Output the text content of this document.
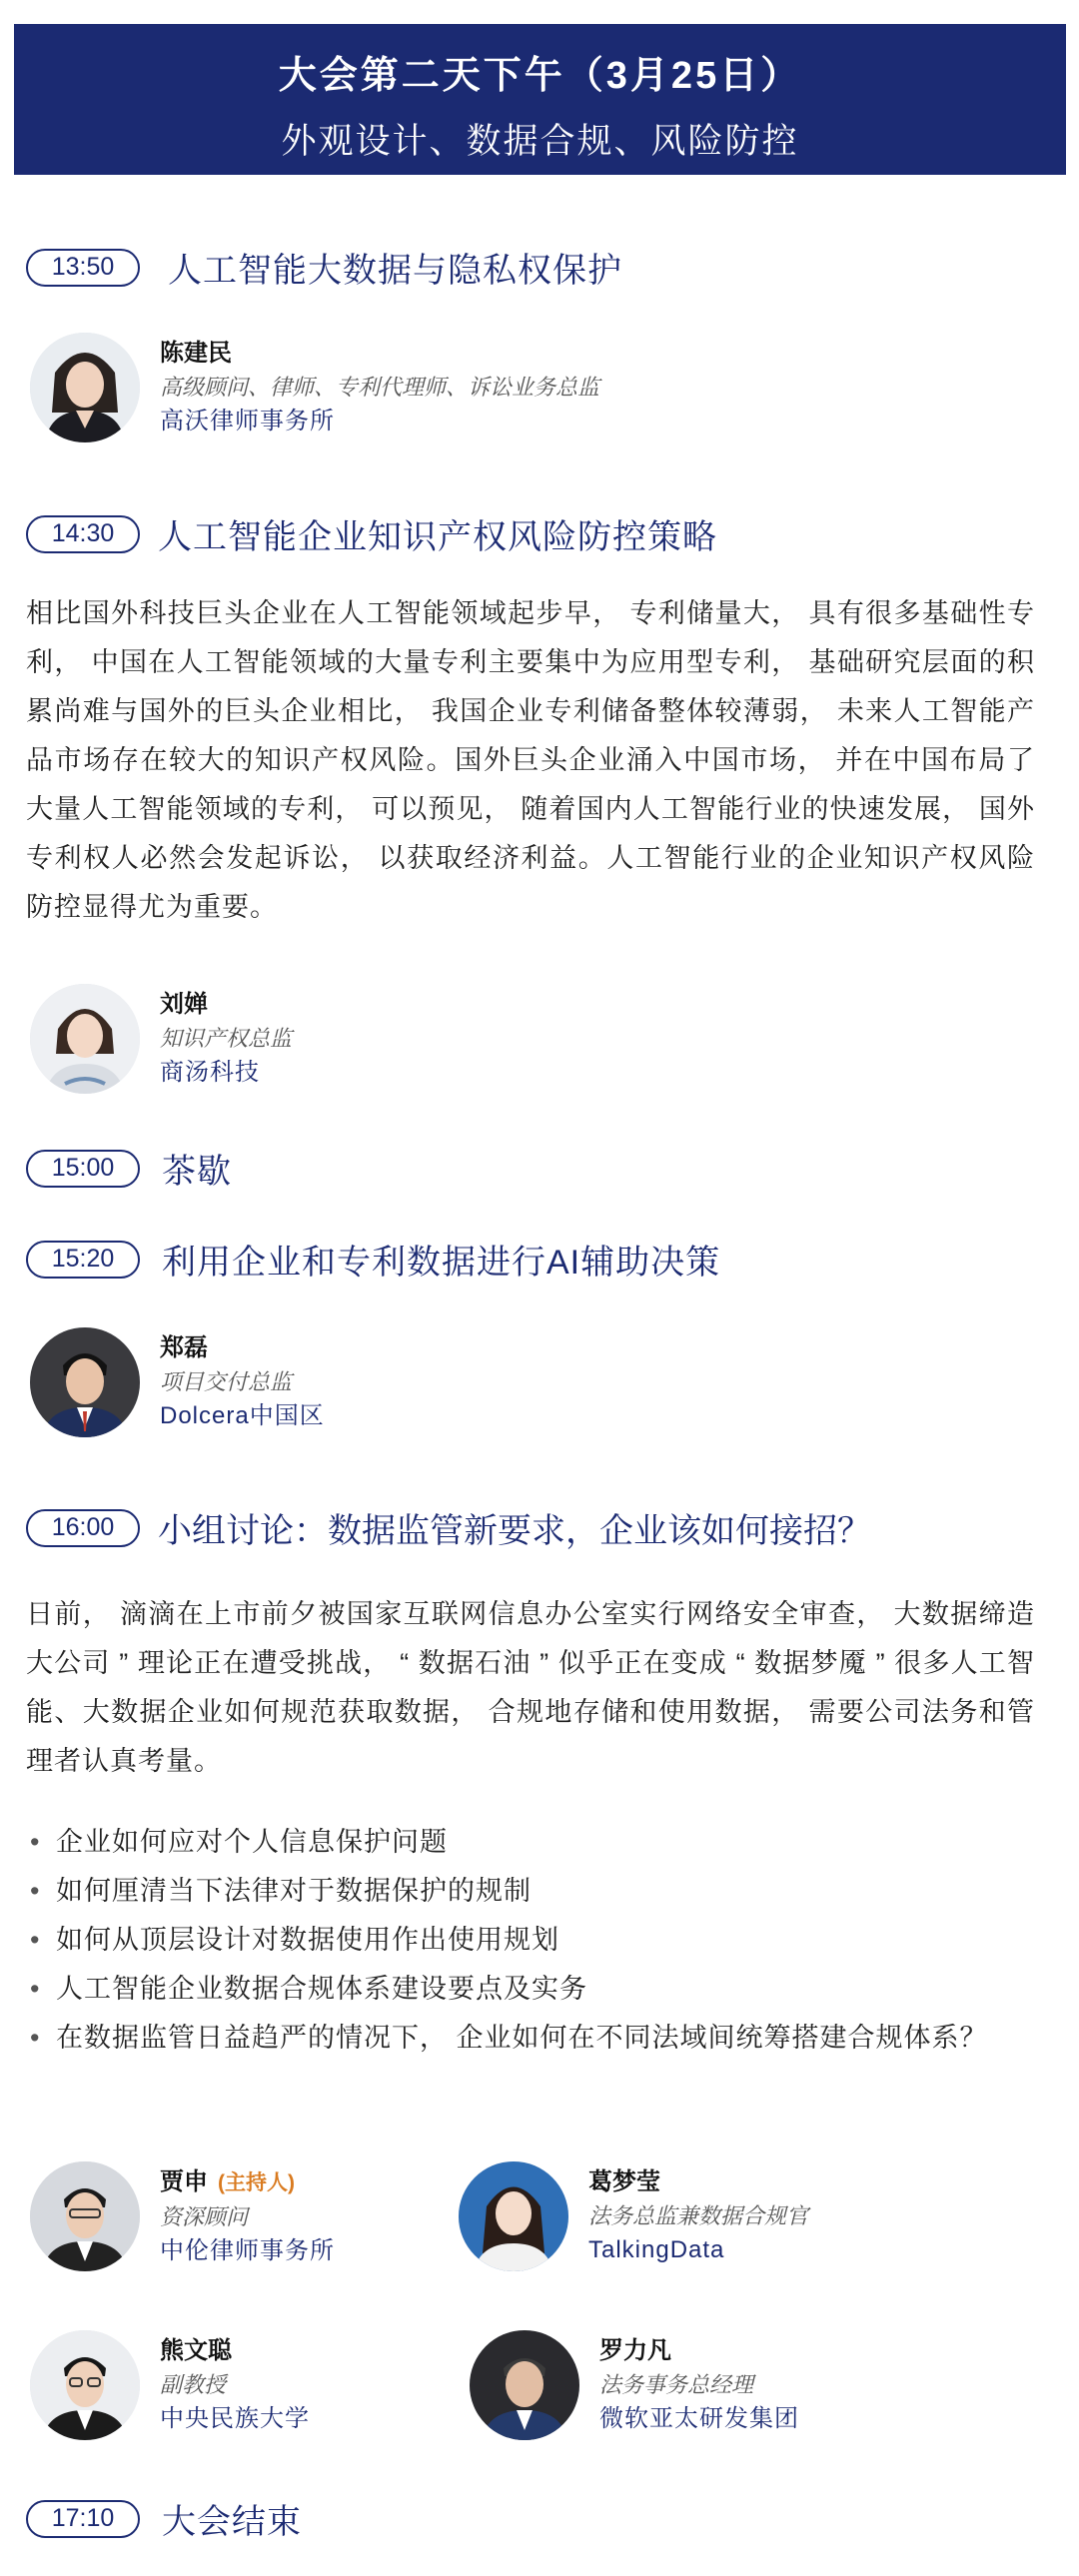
大会第二天下午（3月25日）
外观设计、数据合规、风险防控
13:50	人工智能大数据与隐私权保护
陈建民
高级顾问、律师、专利代理师、诉讼业务总监
高沃律师事务所
14:30	人工智能企业知识产权风险防控策略
相比国外科技巨头企业在人工智能领域起步早， 专利储量大， 具有很多基础性专利， 中国在人工智能领域的大量专利主要集中为应用型专利， 基础研究层面的积累尚难与国外的巨头企业相比， 我国企业专利储备整体较薄弱， 未来人工智能产品市场存在较大的知识产权风险。国外巨头企业涌入中国市场， 并在中国布局了大量人工智能领域的专利， 可以预见， 随着国内人工智能行业的快速发展， 国外专利权人必然会发起诉讼， 以获取经济利益。人工智能行业的企业知识产权风险防控显得尤为重要。
刘婵
知识产权总监
商汤科技
15:00	茶歇
15:20	利用企业和专利数据进行AI辅助决策
郑磊
项目交付总监
Dolcera中国区
16:00	小组讨论：数据监管新要求，企业该如何接招？
日前， 滴滴在上市前夕被国家互联网信息办公室实行网络安全审查， 大数据缔造大公司 ” 理论正在遭受挑战， “ 数据石油 ” 似乎正在变成 “ 数据梦魇 ” 很多人工智能、大数据企业如何规范获取数据， 合规地存储和使用数据， 需要公司法务和管理者认真考量。
• 企业如何应对个人信息保护问题
• 如何厘清当下法律对于数据保护的规制
• 如何从顶层设计对数据使用作出使用规划
• 人工智能企业数据合规体系建设要点及实务
• 在数据监管日益趋严的情况下， 企业如何在不同法域间统筹搭建合规体系？
贾申 (主持人)
资深顾问
中伦律师事务所
葛梦莹
法务总监兼数据合规官
TalkingData
熊文聪
副教授
中央民族大学
罗力凡
法务事务总经理
微软亚太研发集团
17:10	大会结束
